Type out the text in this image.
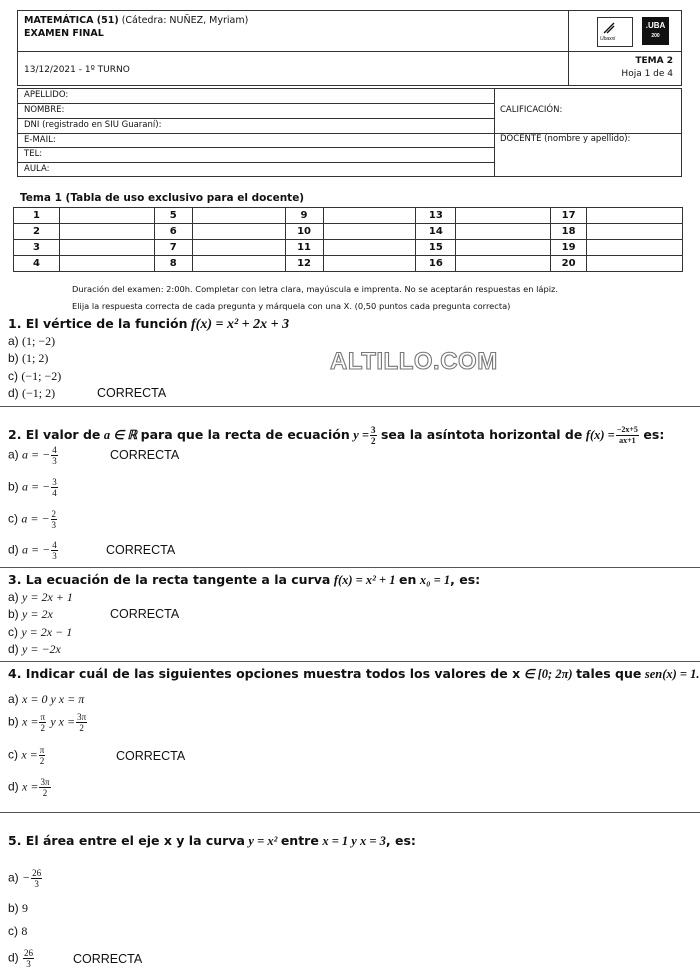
MATEMÁTICA (51) (Cátedra: NUÑEZ, Myriam)
EXAMEN FINAL
13/12/2021 - 1º TURNO
TEMA 2
Hoja 1 de 4
Ubaxxi
.UBA
200
APELLIDO:
NOMBRE:
DNI (registrado en SIU Guaraní):
E-MAIL:
TEL:
AULA:
CALIFICACIÓN:
DOCENTE (nombre y apellido):
Tema 1 (Tabla de uso exclusivo para el docente)
1		5		9		13		17	
2		6		10		14		18	
3		7		11		15		19	
4		8		12		16		20	
Duración del examen: 2:00h. Completar con letra clara, mayúscula e imprenta. No se aceptarán respuestas en lápiz.
Elija la respuesta correcta de cada pregunta y márquela con una X. (0,50 puntos cada pregunta correcta)
ALTILLO.COM
1. El vértice de la función f(x) = x² + 2x + 3
a) (1; −2)
b) (1; 2)
c) (−1; −2)
d) (−1; 2)	CORRECTA
2. El valor de a ∈ ℝ para que la recta de ecuación $y = \frac{3}{2}$ sea la asíntota horizontal de $f(x) = \frac{-2x+5}{ax+1}$ es:
a) a = − $\frac{4}{3}$	CORRECTA
b) a = − $\frac{3}{4}$
c) a = − $\frac{2}{3}$
d) a = − $\frac{4}{3}$	CORRECTA
3. La ecuación de la recta tangente a la curva f(x) = x² + 1 en x₀ = 1, es:
a) y = 2x + 1
b) y = 2x	CORRECTA
c) y = 2x − 1
d) y = −2x
4. Indicar cuál de las siguientes opciones muestra todos los valores de x ∈ [0; 2π) tales que sen(x) = 1.
a) x = 0 y x = π
b) $x = \frac{\pi}{2}$ y $x = \frac{3\pi}{2}$
c) $x = \frac{\pi}{2}$	CORRECTA
d) $x = \frac{3\pi}{2}$
5. El área entre el eje x y la curva y = x² entre x = 1 y x = 3, es:
$a) - \frac{26}{3}$
b) 9
c) 8
$d) \frac{26}{3}$	CORRECTA
